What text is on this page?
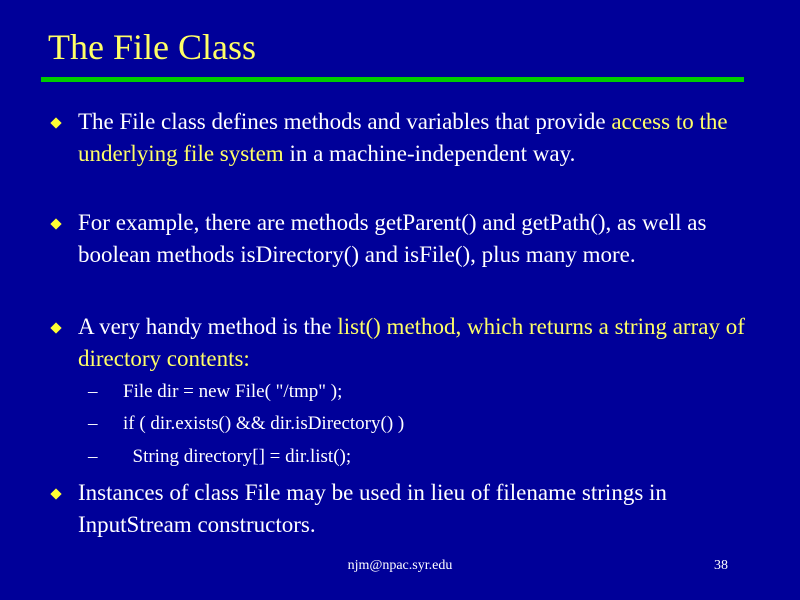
The File Class
The File class defines methods and variables that provide access to the underlying file system in a machine-independent way.
For example, there are methods getParent() and getPath(), as well as boolean methods isDirectory() and isFile(), plus many more.
A very handy method is the list() method, which returns a string array of directory contents:

–

File dir = new File( "/tmp" );

–

if ( dir.exists() && dir.isDirectory() )

–

String directory[] = dir.list();

Instances of class File may be used in lieu of filename strings in InputStream constructors.
njm@npac.syr.edu	38
